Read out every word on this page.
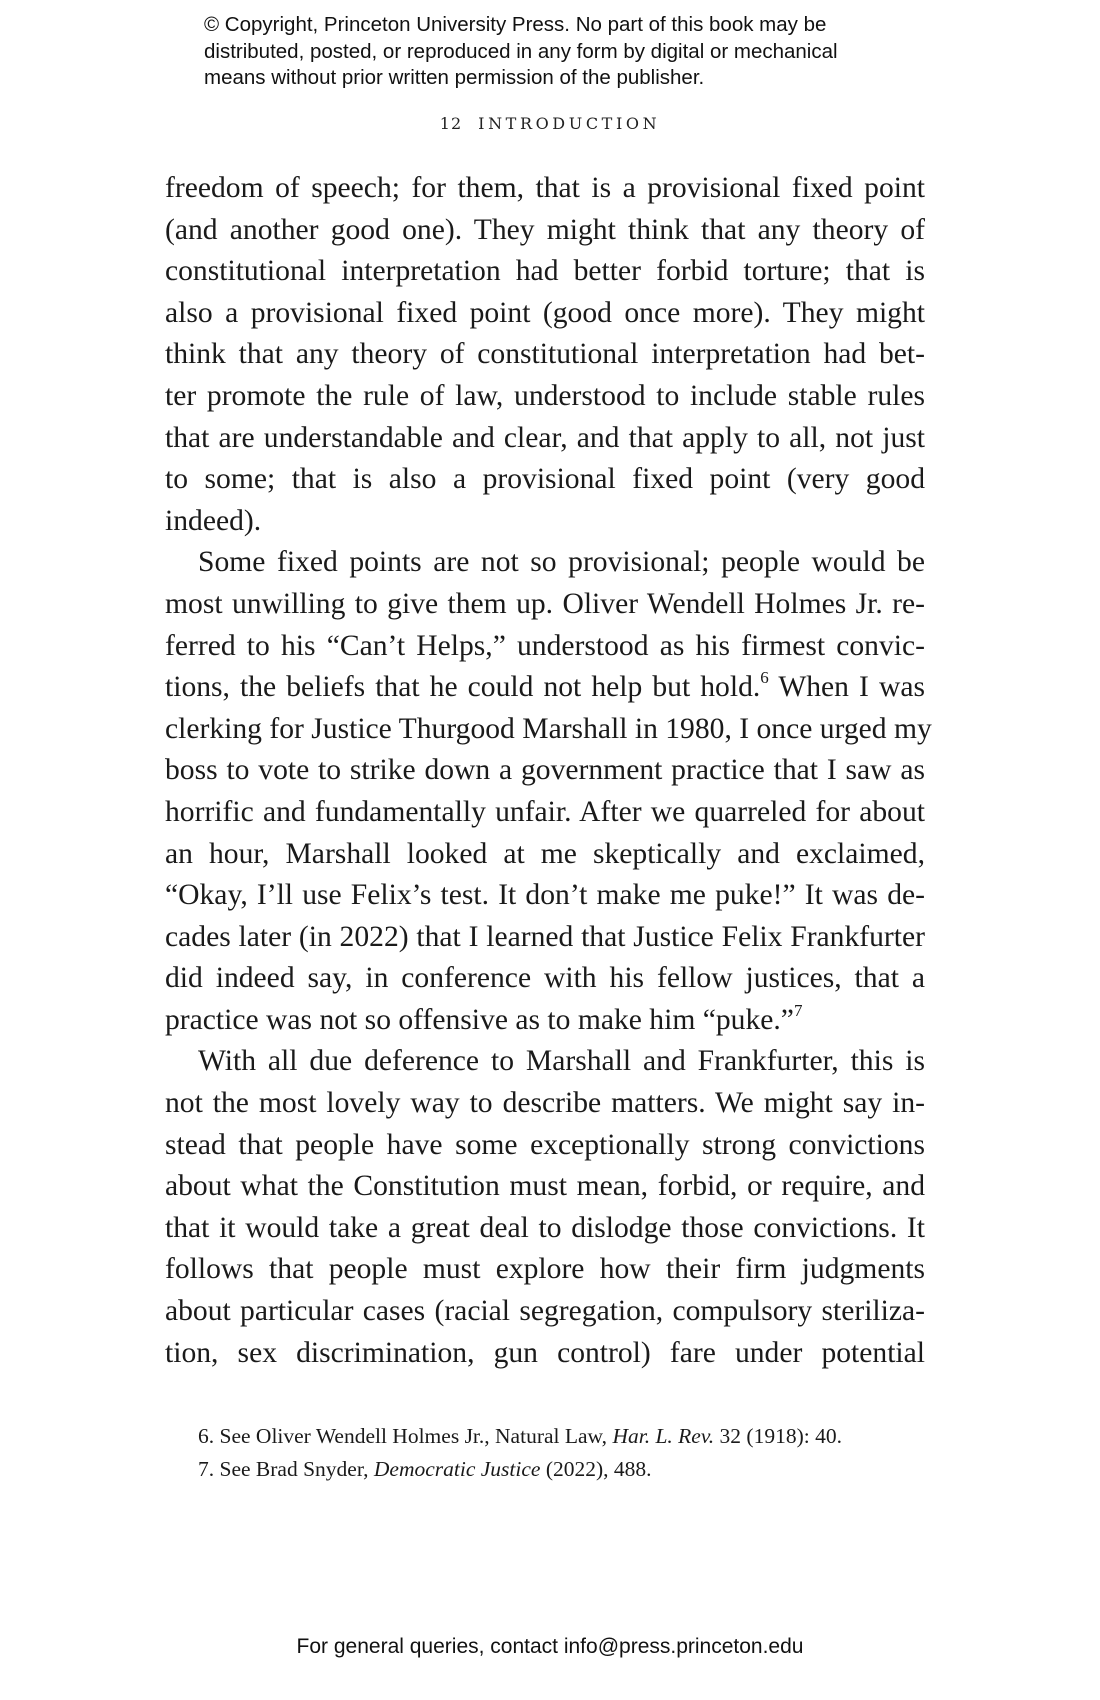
© Copyright, Princeton University Press. No part of this book may be
distributed, posted, or reproduced in any form by digital or mechanical
means without prior written permission of the publisher.
12 INTRODUCTION
freedom of speech; for them, that is a provisional fixed point
(and another good one). They might think that any theory of
constitutional interpretation had better forbid torture; that is
also a provisional fixed point (good once more). They might
think that any theory of constitutional interpretation had bet-
ter promote the rule of law, understood to include stable rules
that are understandable and clear, and that apply to all, not just
to some; that is also a provisional fixed point (very good
indeed).
Some fixed points are not so provisional; people would be
most unwilling to give them up. Oliver Wendell Holmes Jr. re-
ferred to his “Can’t Helps,” understood as his firmest convic-
tions, the beliefs that he could not help but hold.$^6$ When I was
clerking for Justice Thurgood Marshall in 1980, I once urged my
boss to vote to strike down a government practice that I saw as
horrific and fundamentally unfair. After we quarreled for about
an hour, Marshall looked at me skeptically and exclaimed,
“Okay, I’ll use Felix’s test. It don’t make me puke!” It was de-
cades later (in 2022) that I learned that Justice Felix Frankfurter
did indeed say, in conference with his fellow justices, that a
practice was not so offensive as to make him “puke.”$^7$
With all due deference to Marshall and Frankfurter, this is
not the most lovely way to describe matters. We might say in-
stead that people have some exceptionally strong convictions
about what the Constitution must mean, forbid, or require, and
that it would take a great deal to dislodge those convictions. It
follows that people must explore how their firm judgments
about particular cases (racial segregation, compulsory steriliza-
tion, sex discrimination, gun control) fare under potential
6. See Oliver Wendell Holmes Jr., Natural Law, Har. L. Rev. 32 (1918): 40.
7. See Brad Snyder, Democratic Justice (2022), 488.
For general queries, contact info@press.princeton.edu
